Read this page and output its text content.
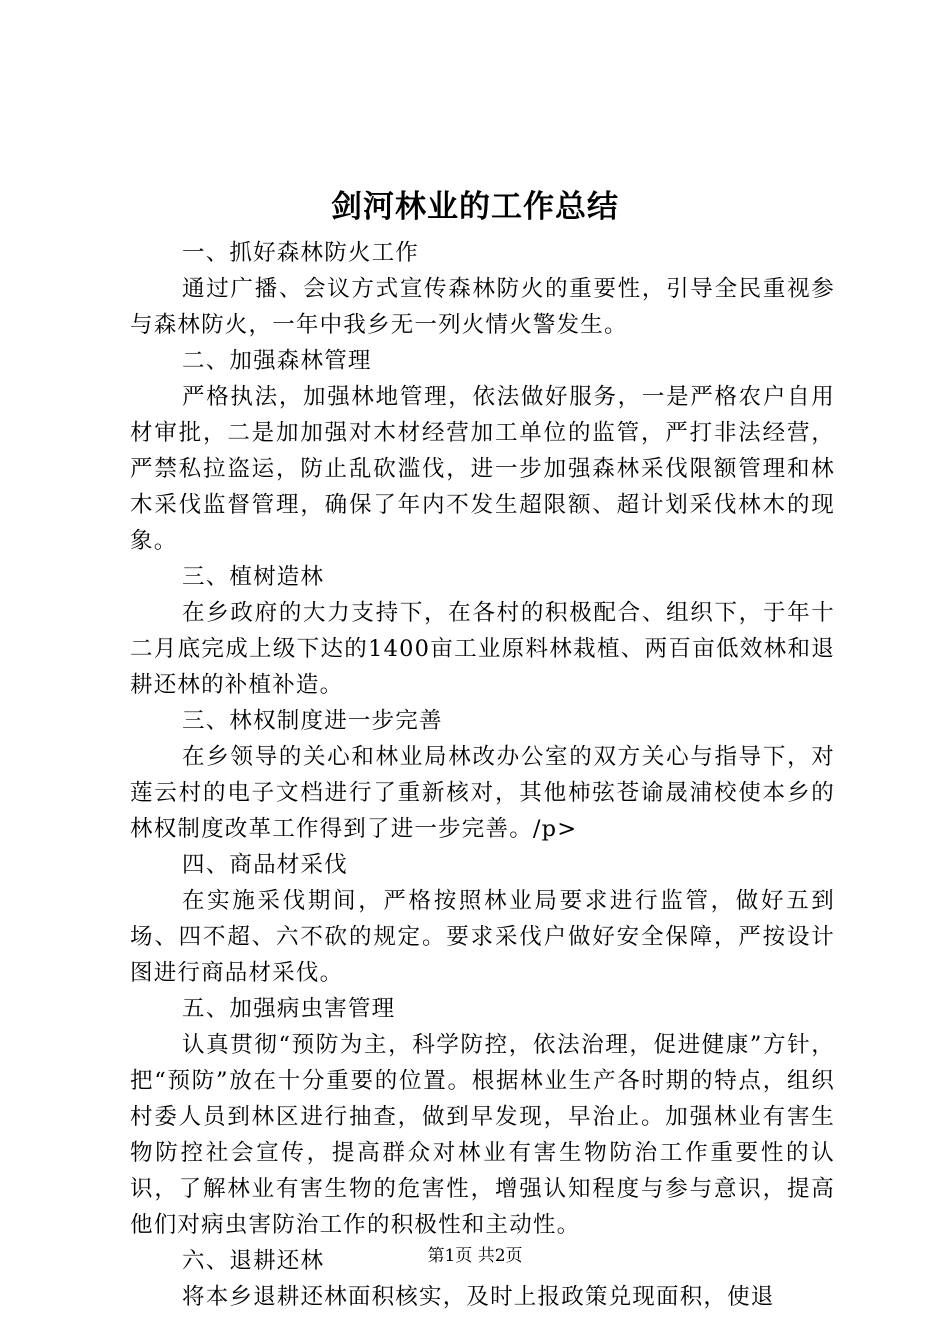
剑河林业的工作总结

一、抓好森林防火工作

通过广播、会议方式宣传森林防火的重要性，引导全民重视参与森林防火，一年中我乡无一列火情火警发生。

二、加强森林管理

严格执法，加强林地管理，依法做好服务，一是严格农户自用材审批，二是加加强对木材经营加工单位的监管，严打非法经营，严禁私拉盗运，防止乱砍滥伐，进一步加强森林采伐限额管理和林木采伐监督管理，确保了年内不发生超限额、超计划采伐林木的现象。

三、植树造林

在乡政府的大力支持下，在各村的积极配合、组织下，于年十二月底完成上级下达的1400亩工业原料林栽植、两百亩低效林和退耕还林的补植补造。

三、林权制度进一步完善

在乡领导的关心和林业局林改办公室的双方关心与指导下，对莲云村的电子文档进行了重新核对，其他柿弦苍谕晟浦校使本乡的林权制度改革工作得到了进一步完善。/p>

四、商品材采伐

在实施采伐期间，严格按照林业局要求进行监管，做好五到场、四不超、六不砍的规定。要求采伐户做好安全保障，严按设计图进行商品材采伐。

五、加强病虫害管理

认真贯彻“预防为主，科学防控，依法治理，促进健康”方针，把“预防”放在十分重要的位置。根据林业生产各时期的特点，组织村委人员到林区进行抽查，做到早发现，早治止。加强林业有害生物防控社会宣传，提高群众对林业有害生物防治工作重要性的认识，了解林业有害生物的危害性，增强认知程度与参与意识，提高他们对病虫害防治工作的积极性和主动性。

六、退耕还林

将本乡退耕还林面积核实，及时上报政策兑现面积，使退

第1页 共2页
